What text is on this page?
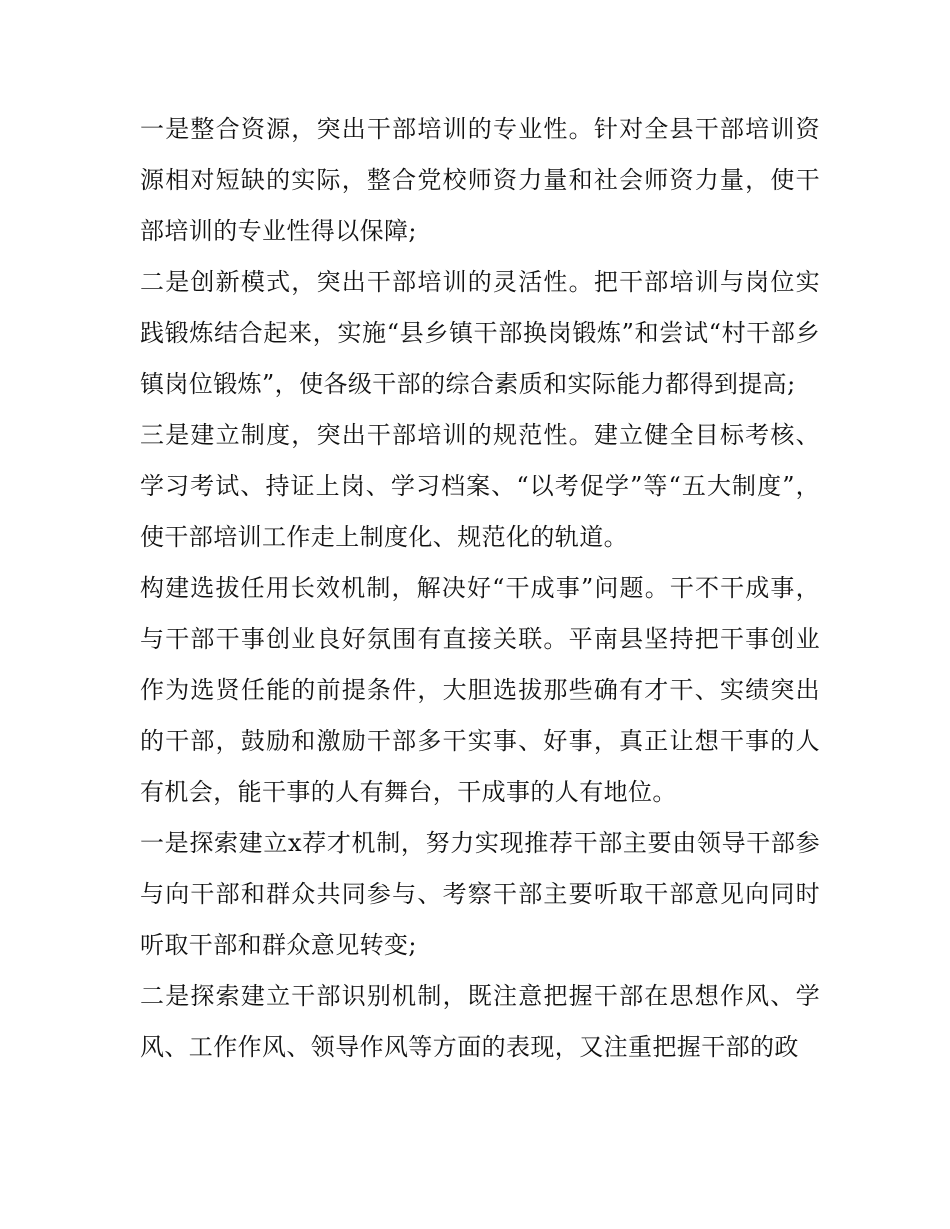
一是整合资源，突出干部培训的专业性。针对全县干部培训资源相对短缺的实际，整合党校师资力量和社会师资力量，使干部培训的专业性得以保障;

二是创新模式，突出干部培训的灵活性。把干部培训与岗位实践锻炼结合起来，实施“县乡镇干部换岗锻炼”和尝试“村干部乡镇岗位锻炼”，使各级干部的综合素质和实际能力都得到提高;

三是建立制度，突出干部培训的规范性。建立健全目标考核、学习考试、持证上岗、学习档案、“以考促学”等“五大制度”，使干部培训工作走上制度化、规范化的轨道。

构建选拔任用长效机制，解决好“干成事”问题。干不干成事，与干部干事创业良好氛围有直接关联。平南县坚持把干事创业作为选贤任能的前提条件，大胆选拔那些确有才干、实绩突出的干部，鼓励和激励干部多干实事、好事，真正让想干事的人有机会，能干事的人有舞台，干成事的人有地位。

一是探索建立x荐才机制，努力实现推荐干部主要由领导干部参与向干部和群众共同参与、考察干部主要听取干部意见向同时听取干部和群众意见转变;

二是探索建立干部识别机制，既注意把握干部在思想作风、学风、工作作风、领导作风等方面的表现，又注重把握干部的政
